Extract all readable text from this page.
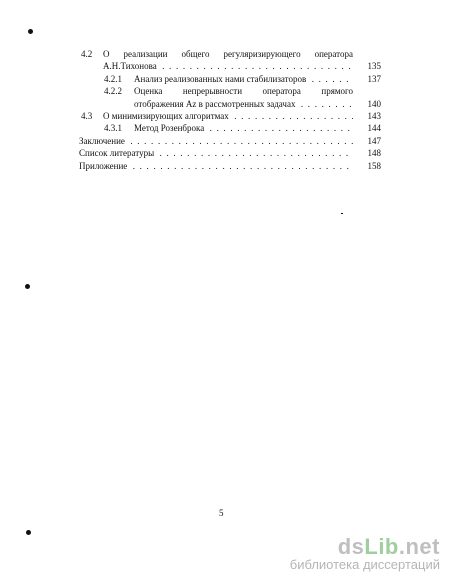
4.2 О реализации общего регуляризирующего оператора
А.Н.Тихонова . . .	135
4.2.1 Анализ реализованных нами стабилизаторов . . .	137
4.2.2 Оценка непрерывности оператора прямого
отображения Az в рассмотренных задачах . . .	140
4.3 О минимизирующих алгоритмах . . .	143
4.3.1 Метод Розенброка . . .	144
Заключение . . .	147
Список литературы . . .	148
Приложение . . .	158
5
dsLib.net
библиотека диссертаций
